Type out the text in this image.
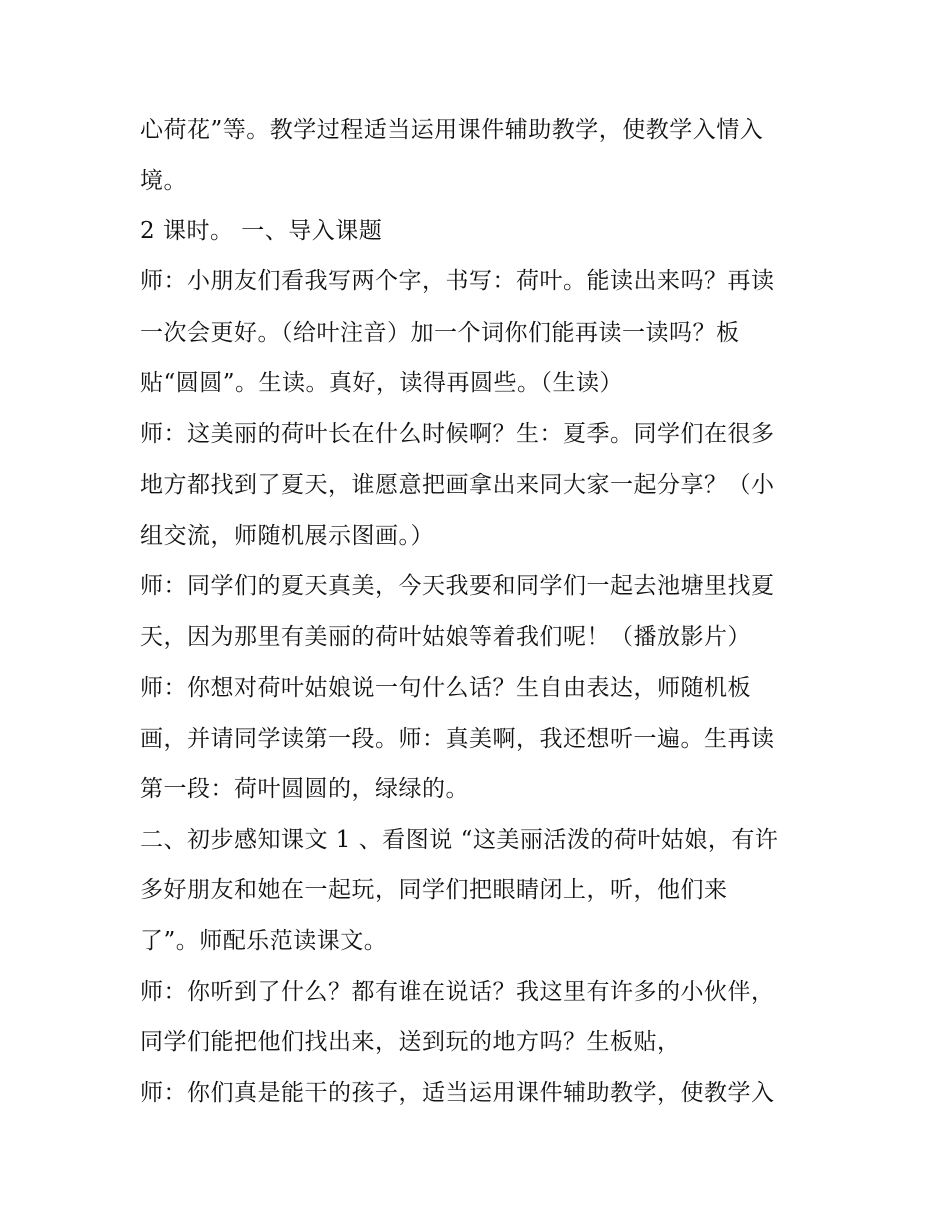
心荷花”等。教学过程适当运用课件辅助教学，使教学入情入
境。
2 课时。 一、导入课题
师：小朋友们看我写两个字，书写：荷叶。能读出来吗？再读
一次会更好。（给叶注音）加一个词你们能再读一读吗？板
贴“圆圆”。生读。真好，读得再圆些。（生读）
师：这美丽的荷叶长在什么时候啊？生：夏季。同学们在很多
地方都找到了夏天，谁愿意把画拿出来同大家一起分享？（小
组交流，师随机展示图画。）
师：同学们的夏天真美，今天我要和同学们一起去池塘里找夏
天，因为那里有美丽的荷叶姑娘等着我们呢！（播放影片）
师：你想对荷叶姑娘说一句什么话？生自由表达，师随机板
画，并请同学读第一段。师：真美啊，我还想听一遍。生再读
第一段：荷叶圆圆的，绿绿的。
二、初步感知课文 1 、看图说 “这美丽活泼的荷叶姑娘，有许
多好朋友和她在一起玩，同学们把眼睛闭上，听，他们来
了”。师配乐范读课文。
师：你听到了什么？都有谁在说话？我这里有许多的小伙伴，
同学们能把他们找出来，送到玩的地方吗？生板贴，
师：你们真是能干的孩子，适当运用课件辅助教学，使教学入
